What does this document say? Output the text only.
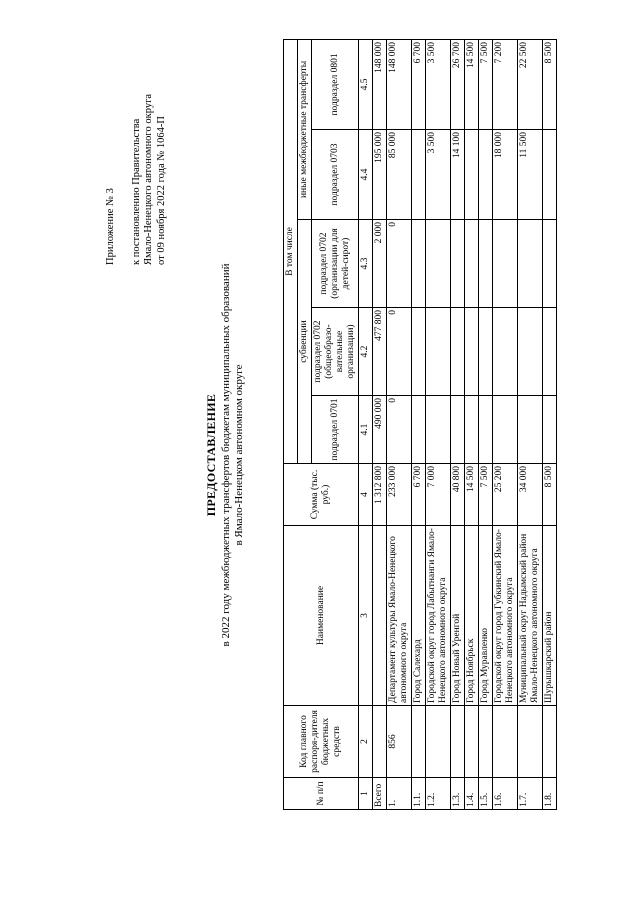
Приложение № 3 к постановлению Правительства Ямало-Ненецкого автономного округа от 09 ноября 2022 года № 1064-П
ПРЕДОСТАВЛЕНИЕ в 2022 году межбюджетных трансфертов бюджетам муниципальных образований в Ямало-Ненецком автономном округе
№ п/п	Код главного распоря-дителя бюджетных средств	Наименование	Сумма (тыс. руб.)	В том числе				
				субвенции			иные межбюджетные трансферты	
				подраздел 0701	подраздел 0702 (общеобразо-вательные организации)	подраздел 0702 (организации для детей-сирот)	подраздел 0703	подраздел 0801
1	2	3	4	4.1	4.2	4.3	4.4	4.5
Всего			1 312 800	490 000	477 800	2 000	195 000	148 000
1.	856	Департамент культуры Ямало-Ненецкого автономного округа	233 000	0	0	0	85 000	148 000
1.1.		Город Салехард	6 700					6 700
1.2.		Городской округ город Лабытнанги Ямало-Ненецкого автономного округа	7 000				3 500	3 500
1.3.		Город Новый Уренгой	40 800				14 100	26 700
1.4.		Город Ноябрьск	14 500					14 500
1.5.		Город Муравленко	7 500					7 500
1.6.		Городской округ город Губкинский Ямало-Ненецкого автономного округа	25 200				18 000	7 200
1.7.		Муниципальный округ Надымский район Ямало-Ненецкого автономного округа	34 000				11 500	22 500
1.8.		Шурышкарский район	8 500					8 500
